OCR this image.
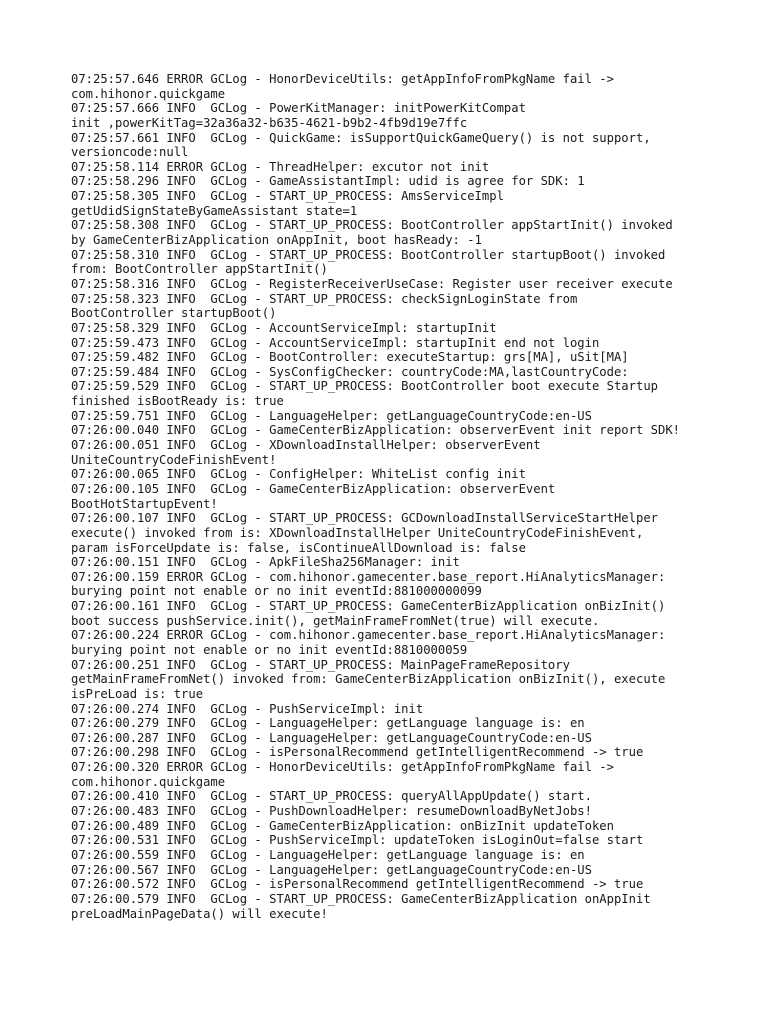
07:25:57.646 ERROR GCLog - HonorDeviceUtils: getAppInfoFromPkgName fail ->
com.hihonor.quickgame
07:25:57.666 INFO  GCLog - PowerKitManager: initPowerKitCompat
init ,powerKitTag=32a36a32-b635-4621-b9b2-4fb9d19e7ffc
07:25:57.661 INFO  GCLog - QuickGame: isSupportQuickGameQuery() is not support,
versioncode:null
07:25:58.114 ERROR GCLog - ThreadHelper: excutor not init
07:25:58.296 INFO  GCLog - GameAssistantImpl: udid is agree for SDK: 1
07:25:58.305 INFO  GCLog - START_UP_PROCESS: AmsServiceImpl
getUdidSignStateByGameAssistant state=1
07:25:58.308 INFO  GCLog - START_UP_PROCESS: BootController appStartInit() invoked
by GameCenterBizApplication onAppInit, boot hasReady: -1
07:25:58.310 INFO  GCLog - START_UP_PROCESS: BootController startupBoot() invoked
from: BootController appStartInit()
07:25:58.316 INFO  GCLog - RegisterReceiverUseCase: Register user receiver execute
07:25:58.323 INFO  GCLog - START_UP_PROCESS: checkSignLoginState from
BootController startupBoot()
07:25:58.329 INFO  GCLog - AccountServiceImpl: startupInit
07:25:59.473 INFO  GCLog - AccountServiceImpl: startupInit end not login
07:25:59.482 INFO  GCLog - BootController: executeStartup: grs[MA], uSit[MA]
07:25:59.484 INFO  GCLog - SysConfigChecker: countryCode:MA,lastCountryCode:
07:25:59.529 INFO  GCLog - START_UP_PROCESS: BootController boot execute Startup
finished isBootReady is: true
07:25:59.751 INFO  GCLog - LanguageHelper: getLanguageCountryCode:en-US
07:26:00.040 INFO  GCLog - GameCenterBizApplication: observerEvent init report SDK!
07:26:00.051 INFO  GCLog - XDownloadInstallHelper: observerEvent
UniteCountryCodeFinishEvent!
07:26:00.065 INFO  GCLog - ConfigHelper: WhiteList config init
07:26:00.105 INFO  GCLog - GameCenterBizApplication: observerEvent
BootHotStartupEvent!
07:26:00.107 INFO  GCLog - START_UP_PROCESS: GCDownloadInstallServiceStartHelper
execute() invoked from is: XDownloadInstallHelper UniteCountryCodeFinishEvent,
param isForceUpdate is: false, isContinueAllDownload is: false
07:26:00.151 INFO  GCLog - ApkFileSha256Manager: init
07:26:00.159 ERROR GCLog - com.hihonor.gamecenter.base_report.HiAnalyticsManager:
burying point not enable or no init eventId:881000000099
07:26:00.161 INFO  GCLog - START_UP_PROCESS: GameCenterBizApplication onBizInit()
boot success pushService.init(), getMainFrameFromNet(true) will execute.
07:26:00.224 ERROR GCLog - com.hihonor.gamecenter.base_report.HiAnalyticsManager:
burying point not enable or no init eventId:8810000059
07:26:00.251 INFO  GCLog - START_UP_PROCESS: MainPageFrameRepository
getMainFrameFromNet() invoked from: GameCenterBizApplication onBizInit(), execute
isPreLoad is: true
07:26:00.274 INFO  GCLog - PushServiceImpl: init
07:26:00.279 INFO  GCLog - LanguageHelper: getLanguage language is: en
07:26:00.287 INFO  GCLog - LanguageHelper: getLanguageCountryCode:en-US
07:26:00.298 INFO  GCLog - isPersonalRecommend getIntelligentRecommend -> true
07:26:00.320 ERROR GCLog - HonorDeviceUtils: getAppInfoFromPkgName fail ->
com.hihonor.quickgame
07:26:00.410 INFO  GCLog - START_UP_PROCESS: queryAllAppUpdate() start.
07:26:00.483 INFO  GCLog - PushDownloadHelper: resumeDownloadByNetJobs!
07:26:00.489 INFO  GCLog - GameCenterBizApplication: onBizInit updateToken
07:26:00.531 INFO  GCLog - PushServiceImpl: updateToken isLoginOut=false start
07:26:00.559 INFO  GCLog - LanguageHelper: getLanguage language is: en
07:26:00.567 INFO  GCLog - LanguageHelper: getLanguageCountryCode:en-US
07:26:00.572 INFO  GCLog - isPersonalRecommend getIntelligentRecommend -> true
07:26:00.579 INFO  GCLog - START_UP_PROCESS: GameCenterBizApplication onAppInit
preLoadMainPageData() will execute!
